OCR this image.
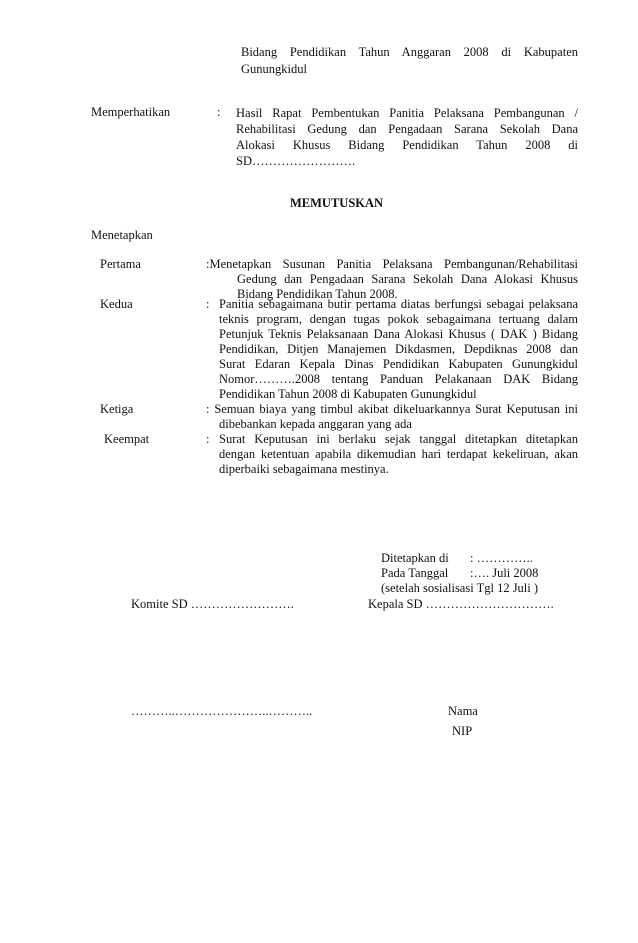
Bidang Pendidikan Tahun Anggaran 2008 di Kabupaten
Gunungkidul
Memperhatikan	: Hasil Rapat Pembentukan Panitia Pelaksana Pembangunan /
Rehabilitasi Gedung dan Pengadaan Sarana Sekolah Dana
Alokasi Khusus Bidang Pendidikan Tahun 2008 di
SD…………………….
MEMUTUSKAN
Menetapkan
Pertama	:Menetapkan Susunan Panitia Pelaksana Pembangunan/Rehabilitasi
Gedung dan Pengadaan Sarana Sekolah Dana Alokasi Khusus
Bidang Pendidikan Tahun 2008.
Kedua	: Panitia sebagaimana butir pertama diatas berfungsi sebagai pelaksana
teknis program, dengan tugas pokok sebagaimana tertuang dalam
Petunjuk Teknis Pelaksanaan Dana Alokasi Khusus ( DAK ) Bidang
Pendidikan, Ditjen Manajemen Dikdasmen, Depdiknas 2008 dan
Surat Edaran Kepala Dinas Pendidikan Kabupaten Gunungkidul
Nomor……….2008 tentang Panduan Pelakanaan DAK Bidang
Pendidikan Tahun 2008 di Kabupaten Gunungkidul
Ketiga	: Semuan biaya yang timbul akibat dikeluarkannya Surat Keputusan ini
dibebankan kepada anggaran yang ada
Keempat	: Surat Keputusan ini berlaku sejak tanggal ditetapkan ditetapkan
dengan ketentuan apabila dikemudian hari terdapat kekeliruan, akan
diperbaiki sebagaimana mestinya.
Ditetapkan di : …………..
Pada Tanggal :…. Juli 2008
(setelah sosialisasi Tgl 12 Juli )
Komite SD …………………….	Kepala SD ………………………….
………..…………………..………..	Nama
NIP
